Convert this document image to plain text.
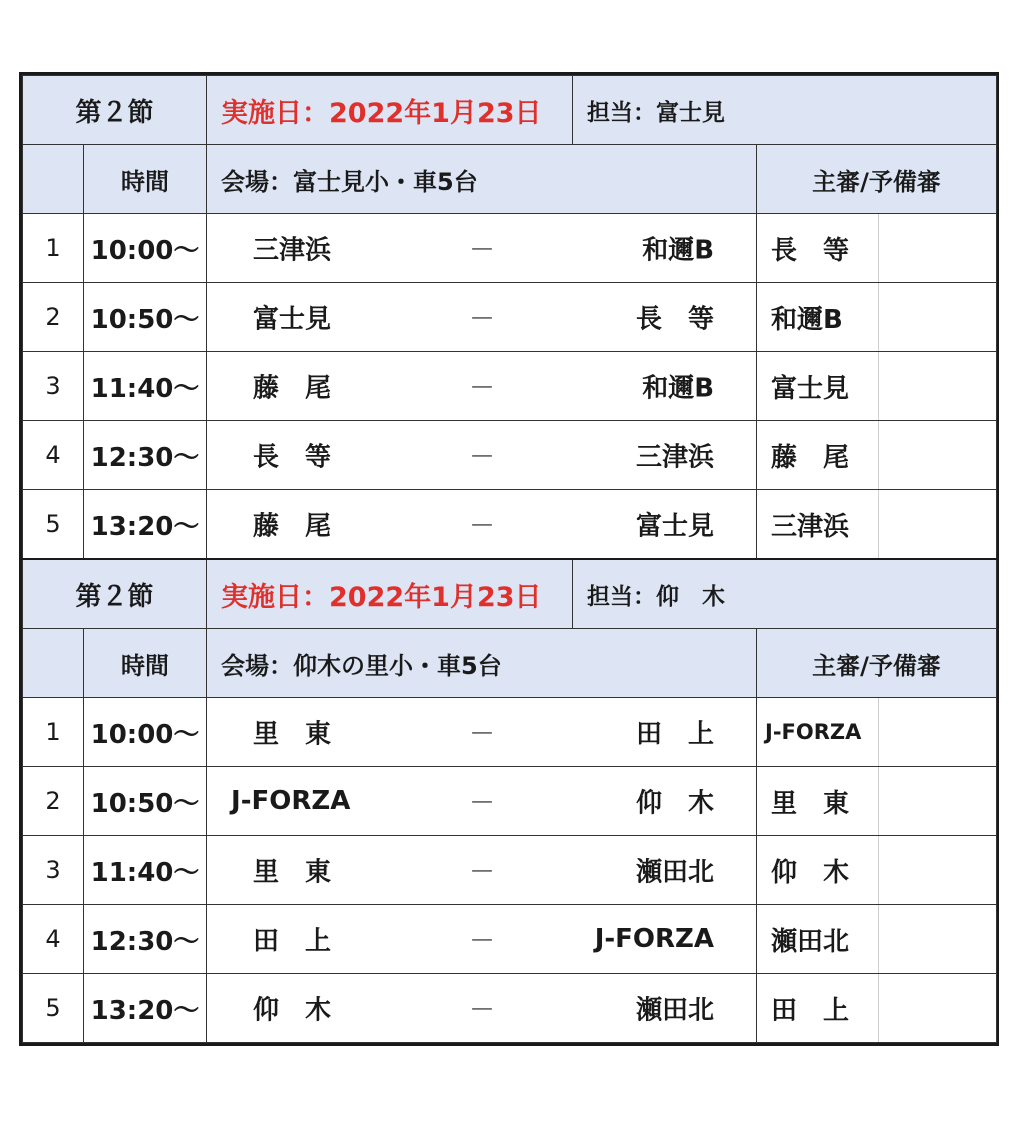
第２節		実施日：2022年1月23日	担当：富士見		
	時間	会場：富士見小・車5台		主審/予備審	
1	10:00～	三津浜 － 和邇B		長　等	
2	10:50～	富士見 － 長　等		和邇B	
3	11:40～	藤　尾 － 和邇B		富士見	
4	12:30～	長　等 － 三津浜		藤　尾	
5	13:20～	藤　尾 － 富士見		三津浜	
第２節		実施日：2022年1月23日	担当：仰　木		
	時間	会場：仰木の里小・車5台		主審/予備審	
1	10:00～	里　東 － 田　上		J-FORZA	
2	10:50～	J-FORZA － 仰　木		里　東	
3	11:40～	里　東 － 瀬田北		仰　木	
4	12:30～	田　上 － J-FORZA		瀬田北	
5	13:20～	仰　木 － 瀬田北		田　上	
